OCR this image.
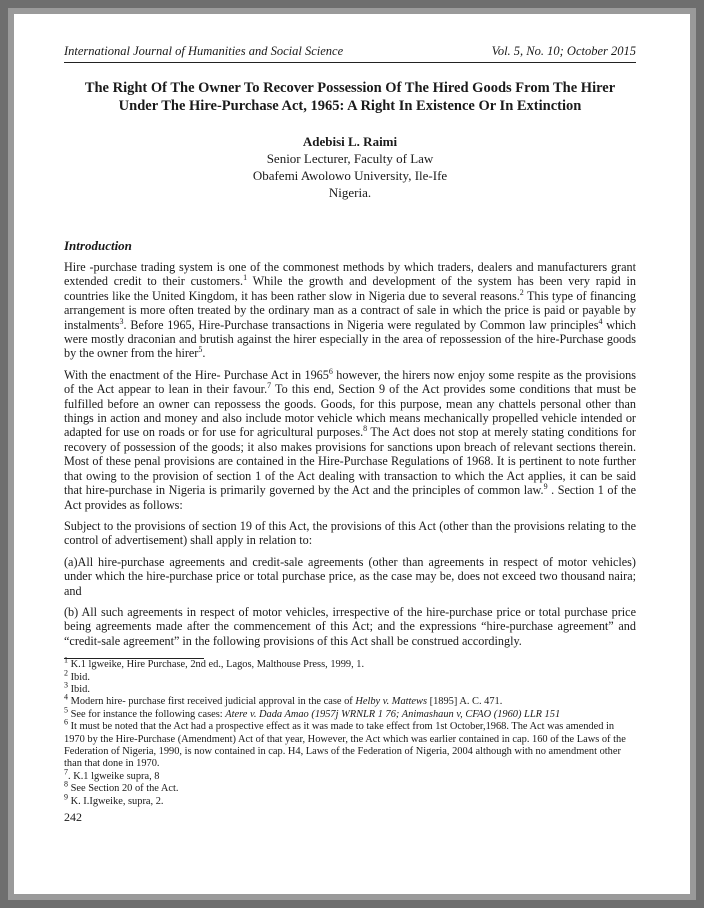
International Journal of Humanities and Social Science	Vol. 5, No. 10; October 2015
The Right Of The Owner To Recover Possession Of The Hired Goods From The Hirer Under The Hire-Purchase Act, 1965: A Right In Existence Or In Extinction
Adebisi L. Raimi
Senior Lecturer, Faculty of Law
Obafemi Awolowo University, Ile-Ife
Nigeria.
Introduction

Hire -purchase trading system is one of the commonest methods by which traders, dealers and manufacturers grant extended credit to their customers.$^1$ While the growth and development of the system has been very rapid in countries like the United Kingdom, it has been rather slow in Nigeria due to several reasons.$^2$ This type of financing arrangement is more often treated by the ordinary man as a contract of sale in which the price is paid or payable by instalments$^3$. Before 1965, Hire-Purchase transactions in Nigeria were regulated by Common law principles$^4$ which were mostly draconian and brutish against the hirer especially in the area of repossession of the hire-Purchase goods by the owner from the hirer$^5$.

With the enactment of the Hire- Purchase Act in 1965$^6$ however, the hirers now enjoy some respite as the provisions of the Act appear to lean in their favour.$^7$ To this end, Section 9 of the Act provides some conditions that must be fulfilled before an owner can repossess the goods. Goods, for this purpose, mean any chattels personal other than things in action and money and also include motor vehicle which means mechanically propelled vehicle intended or adapted for use on roads or for use for agricultural purposes.$^8$ The Act does not stop at merely stating conditions for recovery of possession of the goods; it also makes provisions for sanctions upon breach of relevant sections therein. Most of these penal provisions are contained in the Hire-Purchase Regulations of 1968. It is pertinent to note further that owing to the provision of section 1 of the Act dealing with transaction to which the Act applies, it can be said that hire-purchase in Nigeria is primarily governed by the Act and the principles of common law.$^9$ . Section 1 of the Act provides as follows:

Subject to the provisions of section 19 of this Act, the provisions of this Act (other than the provisions relating to the control of advertisement) shall apply in relation to:

(a)All hire-purchase agreements and credit-sale agreements (other than agreements in respect of motor vehicles) under which the hire-purchase price or total purchase price, as the case may be, does not exceed two thousand naira; and

(b) All such agreements in respect of motor vehicles, irrespective of the hire-purchase price or total purchase price being agreements made after the commencement of this Act; and the expressions “hire-purchase agreement” and “credit-sale agreement” in the following provisions of this Act shall be construed accordingly.

$^1$ K.1 lgweike, Hire Purchase, 2nd ed., Lagos, Malthouse Press, 1999, 1.

$^2$ Ibid.

$^3$ Ibid.

$^4$ Modern hire- purchase first received judicial approval in the case of Helby v. Mattews [1895] A. C. 471.

$^5$ See for instance the following cases: Atere v. Dada Amao (1957j WRNLR 1 76; Animashaun v, CFAO (1960) LLR 151

$^6$ It must be noted that the Act had a prospective effect as it was made to take effect from 1st October,1968. The Act was amended in 1970 by the Hire-Purchase (Amendment) Act of that year, However, the Act which was earlier contained in cap. 160 of the Laws of the Federation of Nigeria, 1990, is now contained in cap. H4, Laws of the Federation of Nigeria, 2004 although with no amendment other than that done in 1970.

$^7$. K.1 lgweike supra, 8

$^8$ See Section 20 of the Act.

$^9$ K. I.Igweike, supra, 2.

242
